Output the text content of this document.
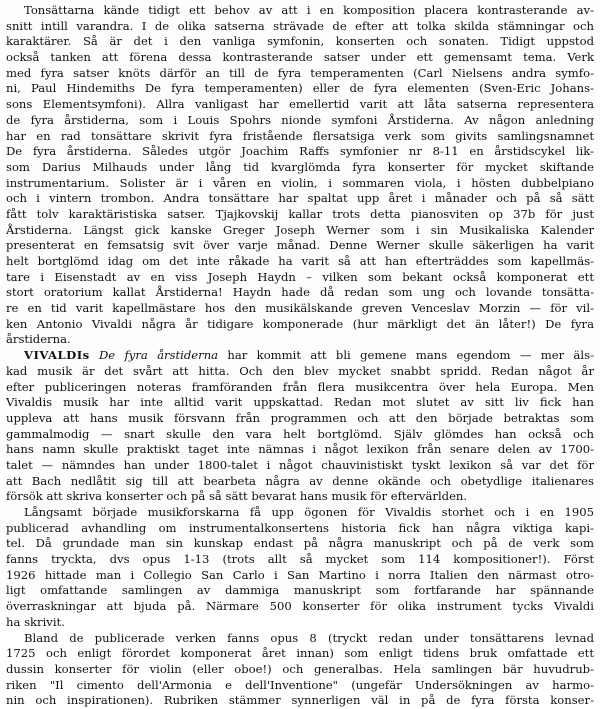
Tonsättarna kände tidigt ett behov av att i en komposition placera kontrasterande av-
snitt intill varandra. I de olika satserna strävade de efter att tolka skilda stämningar och
karaktärer. Så är det i den vanliga symfonin, konserten och sonaten. Tidigt uppstod
också tanken att förena dessa kontrasterande satser under ett gemensamt tema. Verk
med fyra satser knöts därför an till de fyra temperamenten (Carl Nielsens andra symfo-
ni, Paul Hindemiths De fyra temperamenten) eller de fyra elementen (Sven-Eric Johans-
sons Elementsymfoni). Allra vanligast har emellertid varit att låta satserna representera
de fyra årstiderna, som i Louis Spohrs nionde symfoni Årstiderna. Av någon anledning
har en rad tonsättare skrivit fyra fristående flersatsiga verk som givits samlingsnamnet
De fyra årstiderna. Således utgör Joachim Raffs symfonier nr 8-11 en årstidscykel lik-
som Darius Milhauds under lång tid kvarglömda fyra konserter för mycket skiftande
instrumentarium. Solister är i våren en violin, i sommaren viola, i hösten dubbelpiano
och i vintern trombon. Andra tonsättare har spaltat upp året i månader och på så sätt
fått tolv karaktäristiska satser. Tjajkovskij kallar trots detta pianosviten op 37b för just
Årstiderna. Längst gick kanske Greger Joseph Werner som i sin Musikaliska Kalender
presenterat en femsatsig svit över varje månad. Denne Werner skulle säkerligen ha varit
helt bortglömd idag om det inte råkade ha varit så att han efterträddes som kapellmäs-
tare i Eisenstadt av en viss Joseph Haydn – vilken som bekant också komponerat ett
stort oratorium kallat Årstiderna! Haydn hade då redan som ung och lovande tonsätta-
re en tid varit kapellmästare hos den musikälskande greven Venceslav Morzin — för vil-
ken Antonio Vivaldi några år tidigare komponerade (hur märkligt det än låter!) De fyra
årstiderna.
VIVALDIs De fyra årstiderna har kommit att bli gemene mans egendom — mer äls-
kad musik är det svårt att hitta. Och den blev mycket snabbt spridd. Redan något år
efter publiceringen noteras framföranden från flera musikcentra över hela Europa. Men
Vivaldis musik har inte alltid varit uppskattad. Redan mot slutet av sitt liv fick han
uppleva att hans musik försvann från programmen och att den började betraktas som
gammalmodig — snart skulle den vara helt bortglömd. Själv glömdes han också och
hans namn skulle praktiskt taget inte nämnas i något lexikon från senare delen av 1700-
talet — nämndes han under 1800-talet i något chauvinistiskt tyskt lexikon så var det för
att Bach nedlåtit sig till att bearbeta några av denne okände och obetydlige italienares
försök att skriva konserter och på så sätt bevarat hans musik för eftervärlden.
Långsamt började musikforskarna få upp ögonen för Vivaldis storhet och i en 1905
publicerad avhandling om instrumentalkonsertens historia fick han några viktiga kapi-
tel. Då grundade man sin kunskap endast på några manuskript och på de verk som
fanns tryckta, dvs opus 1-13 (trots allt så mycket som 114 kompositioner!). Först
1926 hittade man i Collegio San Carlo i San Martino i norra Italien den närmast otro-
ligt omfattande samlingen av dammiga manuskript som fortfarande har spännande
överraskningar att bjuda på. Närmare 500 konserter för olika instrument tycks Vivaldi
ha skrivit.
Bland de publicerade verken fanns opus 8 (tryckt redan under tonsättarens levnad
1725 och enligt förordet komponerat året innan) som enligt tidens bruk omfattade ett
dussin konserter för violin (eller oboe!) och generalbas. Hela samlingen bär huvudrub-
riken "Il cimento dell'Armonia e dell'Inventione" (ungefär Undersökningen av harmo-
nin och inspirationen). Rubriken stämmer synnerligen väl in på de fyra första konser-
